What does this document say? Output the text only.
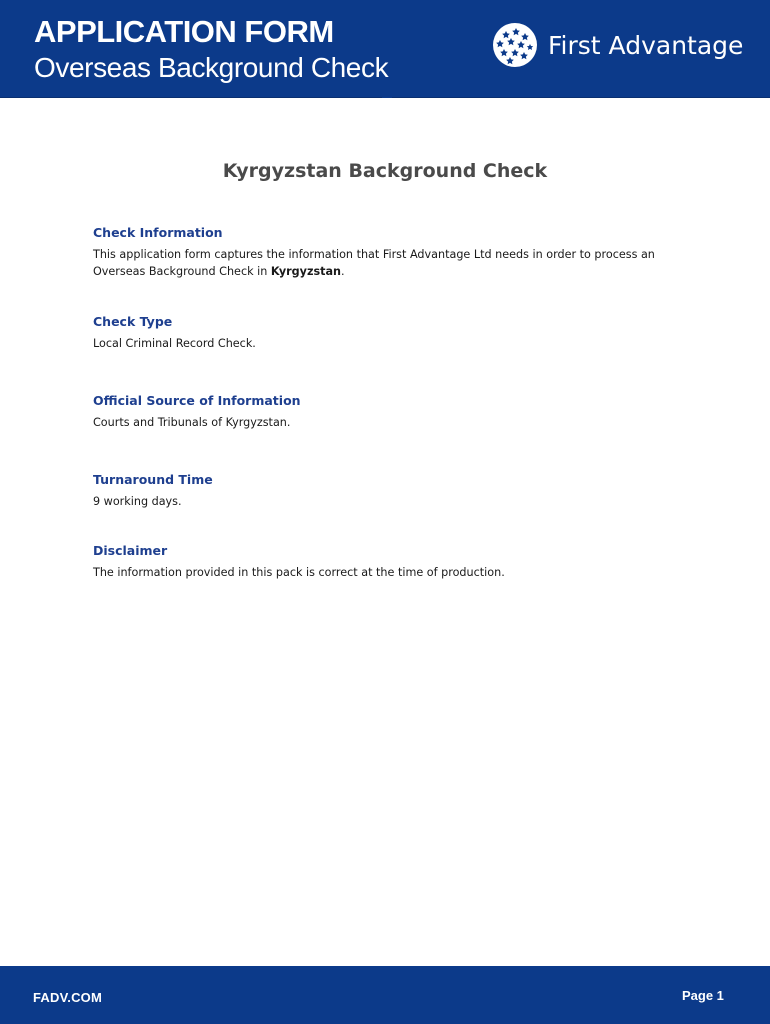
APPLICATION FORM
Overseas Background Check
First Advantage
Kyrgyzstan Background Check
Check Information
This application form captures the information that First Advantage Ltd needs in order to process an Overseas Background Check in Kyrgyzstan.
Check Type
Local Criminal Record Check.
Official Source of Information
Courts and Tribunals of Kyrgyzstan.
Turnaround Time
9 working days.
Disclaimer
The information provided in this pack is correct at the time of production.
FADV.COM	Page 1
